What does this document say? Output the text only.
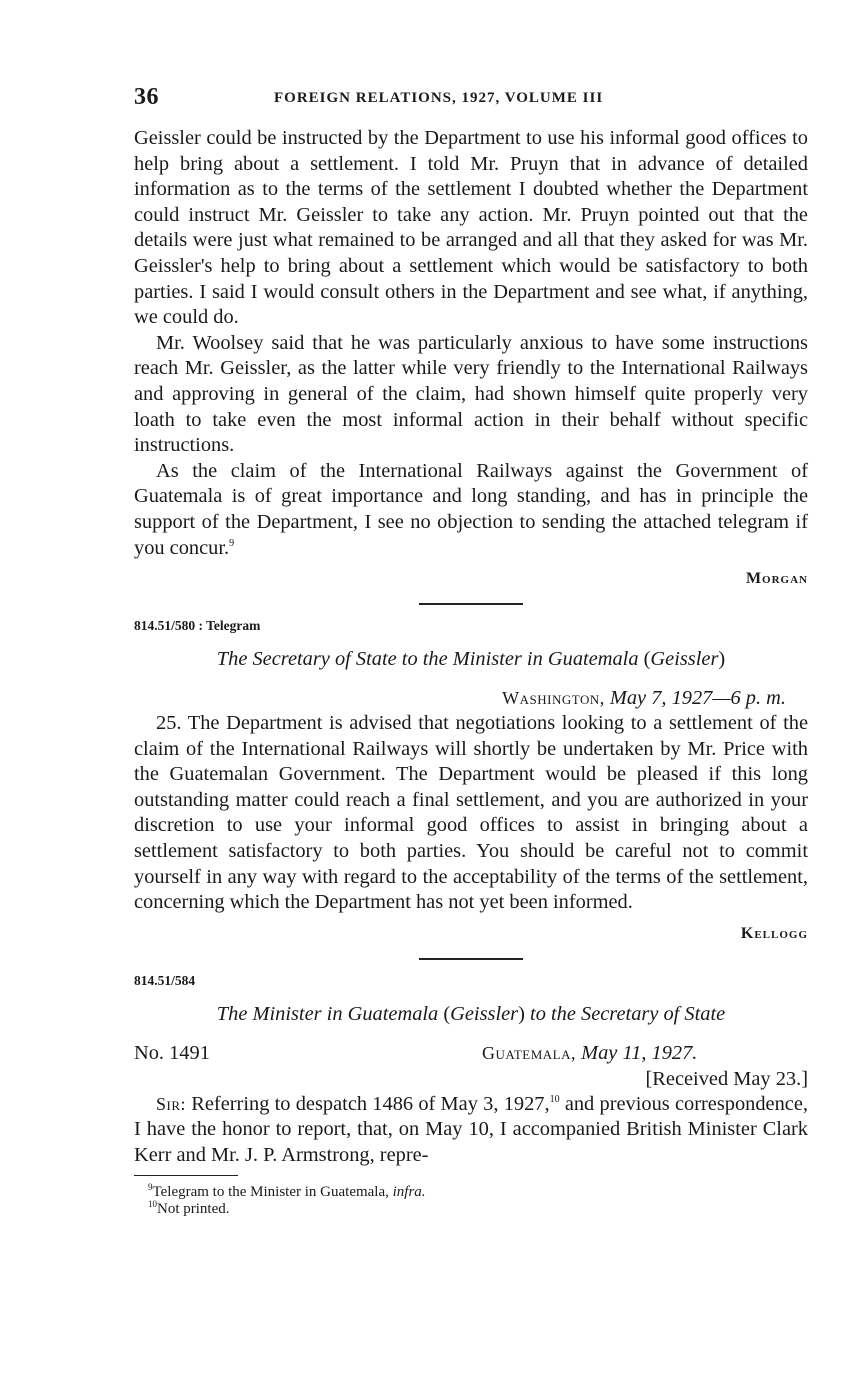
36	FOREIGN RELATIONS, 1927, VOLUME III

Geissler could be instructed by the Department to use his informal good offices to help bring about a settlement. I told Mr. Pruyn that in advance of detailed information as to the terms of the settlement I doubted whether the Department could instruct Mr. Geissler to take any action. Mr. Pruyn pointed out that the details were just what remained to be arranged and all that they asked for was Mr. Geissler's help to bring about a settlement which would be satisfactory to both parties. I said I would consult others in the Department and see what, if anything, we could do.

Mr. Woolsey said that he was particularly anxious to have some instructions reach Mr. Geissler, as the latter while very friendly to the International Railways and approving in general of the claim, had shown himself quite properly very loath to take even the most informal action in their behalf without specific instructions.

As the claim of the International Railways against the Government of Guatemala is of great importance and long standing, and has in principle the support of the Department, I see no objection to sending the attached telegram if you concur.$^9$

Morgan
814.51/580 : Telegram
The Secretary of State to the Minister in Guatemala (Geissler)
Washington, May 7, 1927—6 p. m.

25. The Department is advised that negotiations looking to a settlement of the claim of the International Railways will shortly be undertaken by Mr. Price with the Guatemalan Government. The Department would be pleased if this long outstanding matter could reach a final settlement, and you are authorized in your discretion to use your informal good offices to assist in bringing about a settlement satisfactory to both parties. You should be careful not to commit yourself in any way with regard to the acceptability of the terms of the settlement, concerning which the Department has not yet been informed.

Kellogg
814.51/584
The Minister in Guatemala (Geissler) to the Secretary of State
No. 1491	Guatemala, May 11, 1927.
[Received May 23.]

Sir: Referring to despatch 1486 of May 3, 1927,10 and previous correspondence, I have the honor to report, that, on May 10, I accompanied British Minister Clark Kerr and Mr. J. P. Armstrong, repre-

$^9$Telegram to the Minister in Guatemala, infra.
$^{10}$Not printed.
